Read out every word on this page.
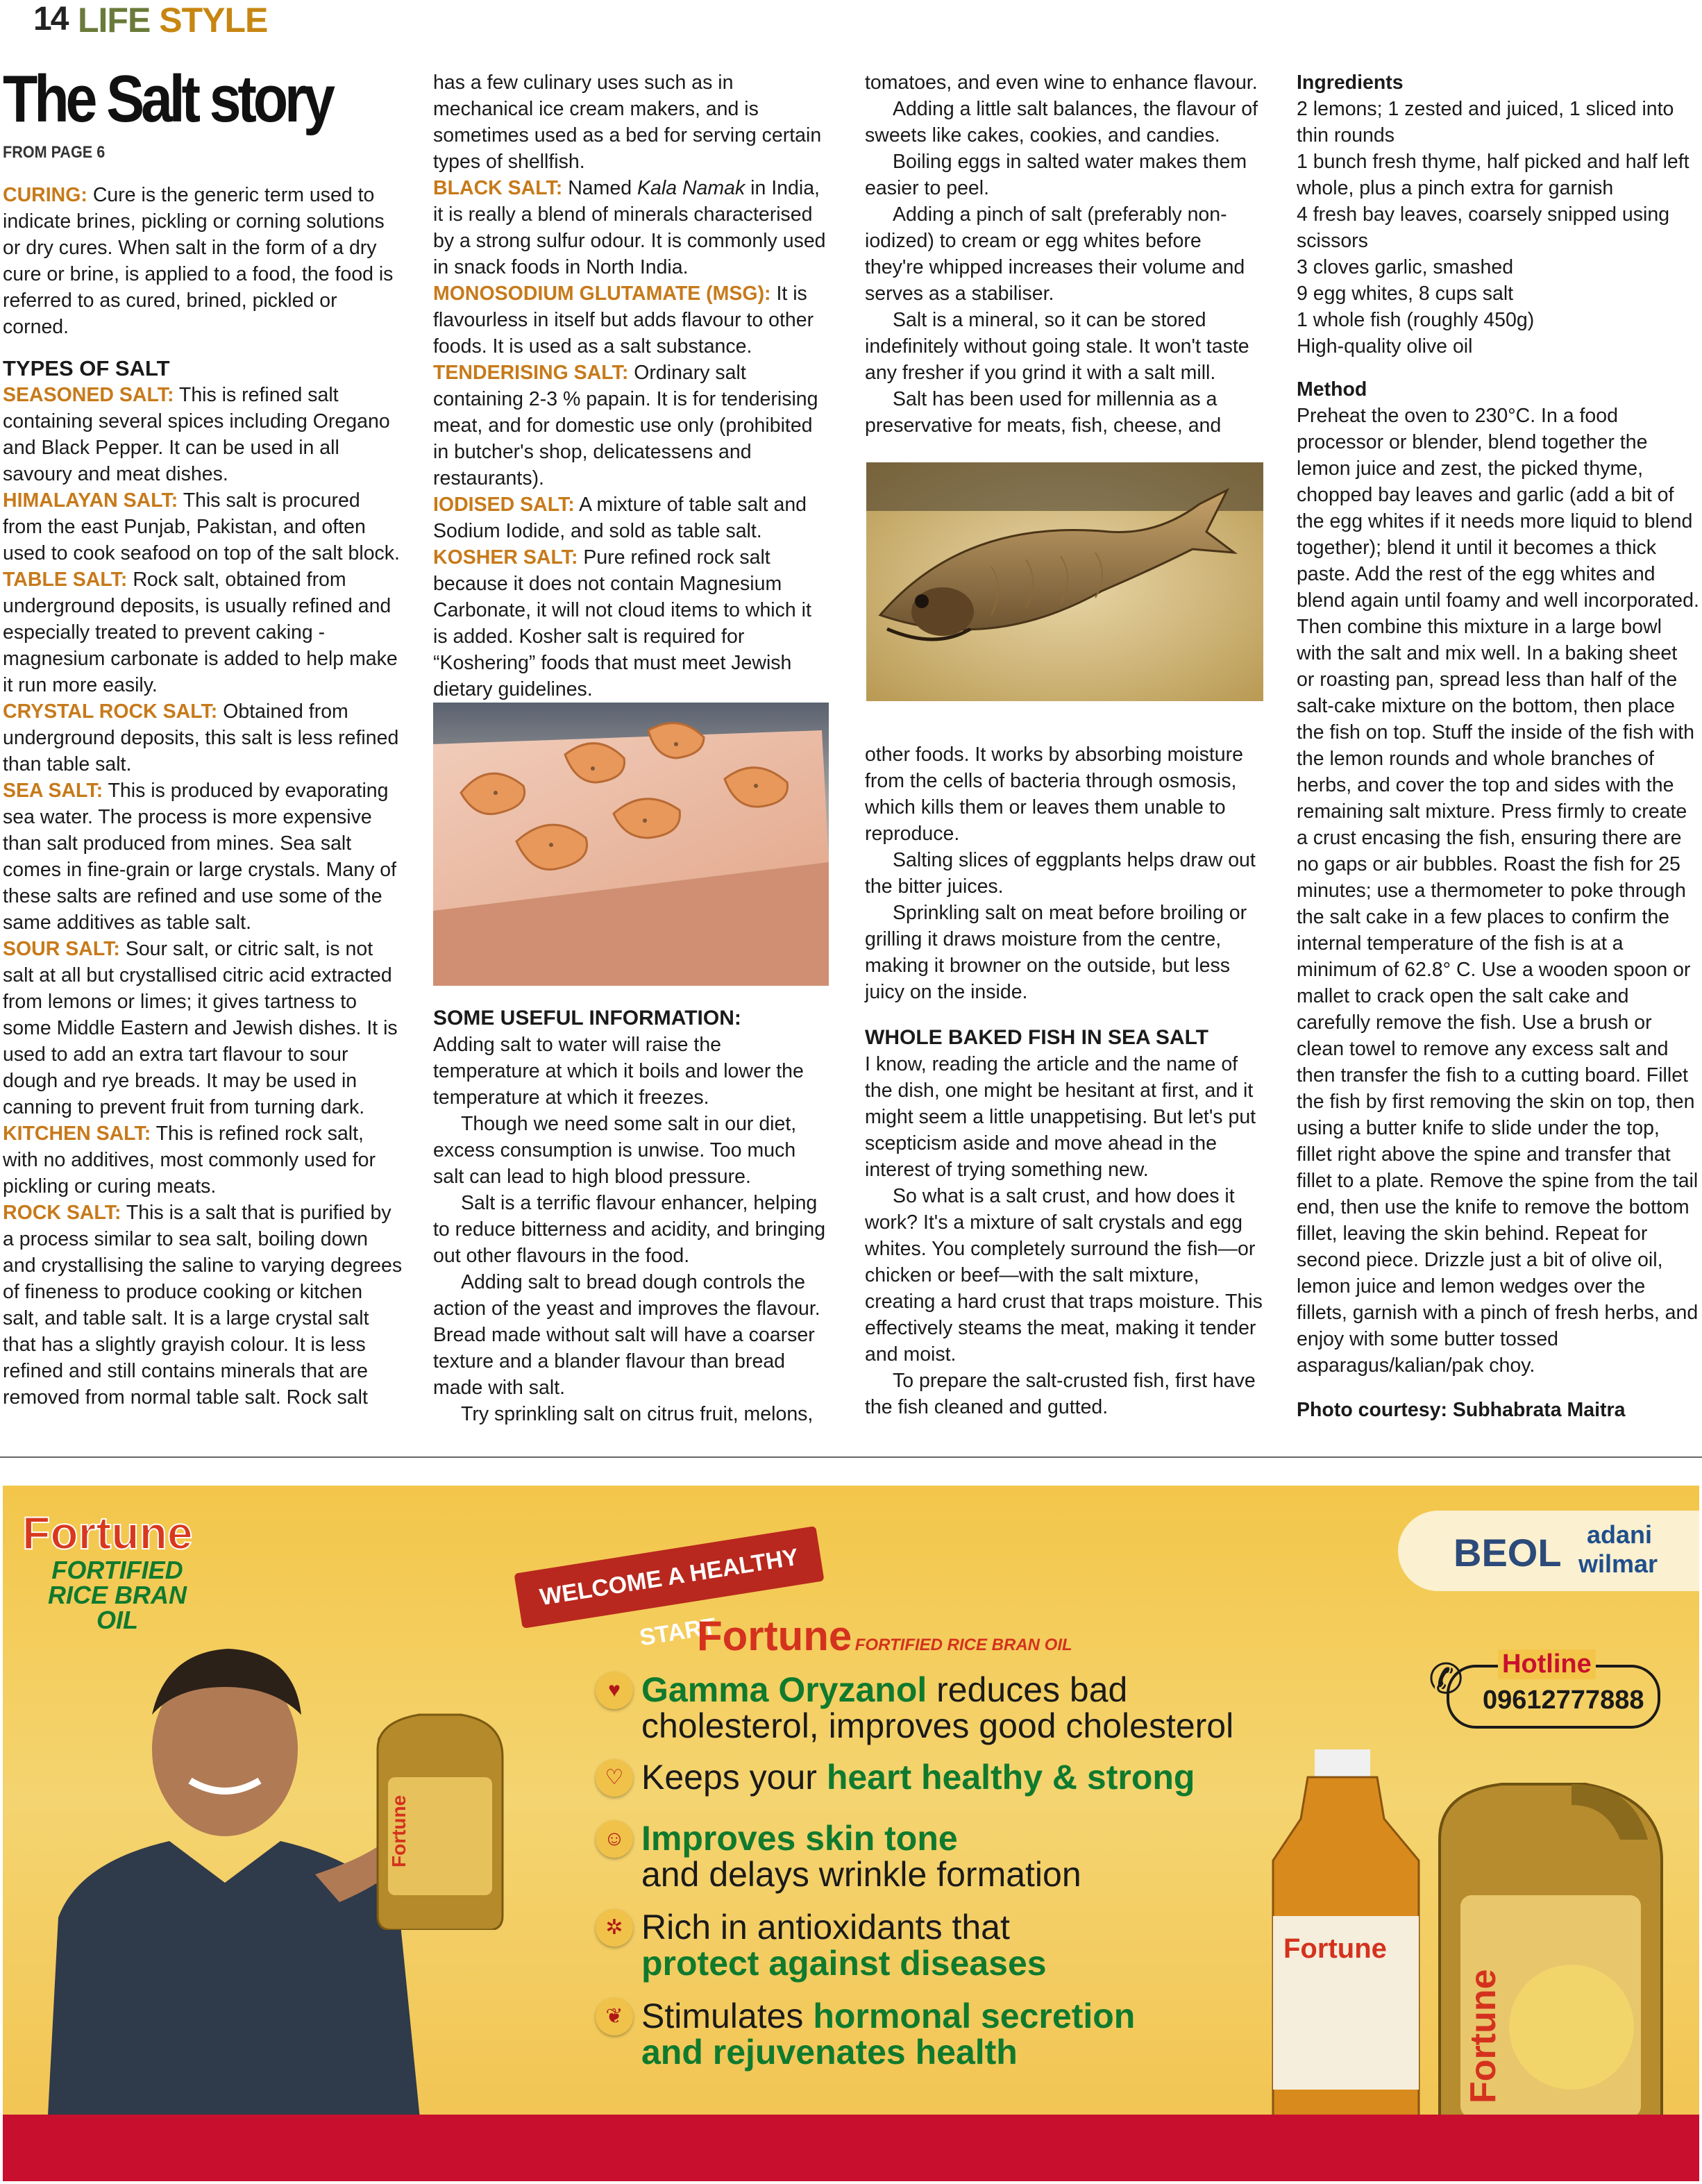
14 LIFE STYLE
The Salt story
FROM PAGE 6

CURING: Cure is the generic term used to indicate brines, pickling or corning solutions or dry cures. When salt in the form of a dry cure or brine, is applied to a food, the food is referred to as cured, brined, pickled or corned.

TYPES OF SALT

SEASONED SALT: This is refined salt containing several spices including Oregano and Black Pepper. It can be used in all savoury and meat dishes.

HIMALAYAN SALT: This salt is procured from the east Punjab, Pakistan, and often used to cook seafood on top of the salt block.

TABLE SALT: Rock salt, obtained from underground deposits, is usually refined and especially treated to prevent caking - magnesium carbonate is added to help make it run more easily.

CRYSTAL ROCK SALT: Obtained from underground deposits, this salt is less refined than table salt.

SEA SALT: This is produced by evaporating sea water. The process is more expensive than salt produced from mines. Sea salt comes in fine-grain or large crystals. Many of these salts are refined and use some of the same additives as table salt.

SOUR SALT: Sour salt, or citric salt, is not salt at all but crystallised citric acid extracted from lemons or limes; it gives tartness to some Middle Eastern and Jewish dishes. It is used to add an extra tart flavour to sour dough and rye breads. It may be used in canning to prevent fruit from turning dark.

KITCHEN SALT: This is refined rock salt, with no additives, most commonly used for pickling or curing meats.

ROCK SALT: This is a salt that is purified by a process similar to sea salt, boiling down and crystallising the saline to varying degrees of fineness to produce cooking or kitchen salt, and table salt. It is a large crystal salt that has a slightly grayish colour. It is less refined and still contains minerals that are removed from normal table salt. Rock salt

has a few culinary uses such as in mechanical ice cream makers, and is sometimes used as a bed for serving certain types of shellfish.

BLACK SALT: Named Kala Namak in India, it is really a blend of minerals characterised by a strong sulfur odour. It is commonly used in snack foods in North India.

MONOSODIUM GLUTAMATE (MSG): It is flavourless in itself but adds flavour to other foods. It is used as a salt substance.

TENDERISING SALT: Ordinary salt containing 2-3 % papain. It is for tenderising meat, and for domestic use only (prohibited in butcher's shop, delicatessens and restaurants).

IODISED SALT: A mixture of table salt and Sodium Iodide, and sold as table salt.

KOSHER SALT: Pure refined rock salt because it does not contain Magnesium Carbonate, it will not cloud items to which it is added. Kosher salt is required for “Koshering” foods that must meet Jewish dietary guidelines.

SOME USEFUL INFORMATION:

Adding salt to water will raise the temperature at which it boils and lower the temperature at which it freezes.

Though we need some salt in our diet, excess consumption is unwise. Too much salt can lead to high blood pressure.

Salt is a terrific flavour enhancer, helping to reduce bitterness and acidity, and bringing out other flavours in the food.

Adding salt to bread dough controls the action of the yeast and improves the flavour. Bread made without salt will have a coarser texture and a blander flavour than bread made with salt.

Try sprinkling salt on citrus fruit, melons,

tomatoes, and even wine to enhance flavour.

Adding a little salt balances, the flavour of sweets like cakes, cookies, and candies.

Boiling eggs in salted water makes them easier to peel.

Adding a pinch of salt (preferably non-iodized) to cream or egg whites before they're whipped increases their volume and serves as a stabiliser.

Salt is a mineral, so it can be stored indefinitely without going stale. It won't taste any fresher if you grind it with a salt mill.

Salt has been used for millennia as a preservative for meats, fish, cheese, and

other foods. It works by absorbing moisture from the cells of bacteria through osmosis, which kills them or leaves them unable to reproduce.

Salting slices of eggplants helps draw out the bitter juices.

Sprinkling salt on meat before broiling or grilling it draws moisture from the centre, making it browner on the outside, but less juicy on the inside.

WHOLE BAKED FISH IN SEA SALT

I know, reading the article and the name of the dish, one might be hesitant at first, and it might seem a little unappetising. But let's put scepticism aside and move ahead in the interest of trying something new.

So what is a salt crust, and how does it work? It's a mixture of salt crystals and egg whites. You completely surround the fish—or chicken or beef—with the salt mixture, creating a hard crust that traps moisture. This effectively steams the meat, making it tender and moist.

To prepare the salt-crusted fish, first have the fish cleaned and gutted.

Ingredients

2 lemons; 1 zested and juiced, 1 sliced into thin rounds

1 bunch fresh thyme, half picked and half left whole, plus a pinch extra for garnish

4 fresh bay leaves, coarsely snipped using scissors

3 cloves garlic, smashed

9 egg whites, 8 cups salt

1 whole fish (roughly 450g)

High-quality olive oil

Method

Preheat the oven to 230°C. In a food processor or blender, blend together the lemon juice and zest, the picked thyme, chopped bay leaves and garlic (add a bit of the egg whites if it needs more liquid to blend together); blend it until it becomes a thick paste. Add the rest of the egg whites and blend again until foamy and well incorporated. Then combine this mixture in a large bowl with the salt and mix well. In a baking sheet or roasting pan, spread less than half of the salt-cake mixture on the bottom, then place the fish on top. Stuff the inside of the fish with the lemon rounds and whole branches of herbs, and cover the top and sides with the remaining salt mixture. Press firmly to create a crust encasing the fish, ensuring there are no gaps or air bubbles. Roast the fish for 25 minutes; use a thermometer to poke through the salt cake in a few places to confirm the internal temperature of the fish is at a minimum of 62.8° C. Use a wooden spoon or mallet to crack open the salt cake and carefully remove the fish. Use a brush or clean towel to remove any excess salt and then transfer the fish to a cutting board. Fillet the fish by first removing the skin on top, then using a butter knife to slide under the top, fillet right above the spine and transfer that fillet to a plate. Remove the spine from the tail end, then use the knife to remove the bottom fillet, leaving the skin behind. Repeat for second piece. Drizzle just a bit of olive oil, lemon juice and lemon wedges over the fillets, garnish with a pinch of fresh herbs, and enjoy with some butter tossed asparagus/kalian/pak choy.

Photo courtesy: Subhabrata Maitra

Fortune
FORTIFIED
RICE BRAN
OIL
Fortune
WELCOME A HEALTHY START
Fortune FORTIFIED RICE BRAN OIL
♥ Gamma Oryzanol reduces bad
cholesterol, improves good cholesterol
♡ Keeps your heart healthy & strong
☺ Improves skin tone
and delays wrinkle formation
✲ Rich in antioxidants that
protect against diseases
❦ Stimulates hormonal secretion
and rejuvenates health
BEOL adani
wilmar
✆ Hotline
09612777888
Fortune
Fortune
